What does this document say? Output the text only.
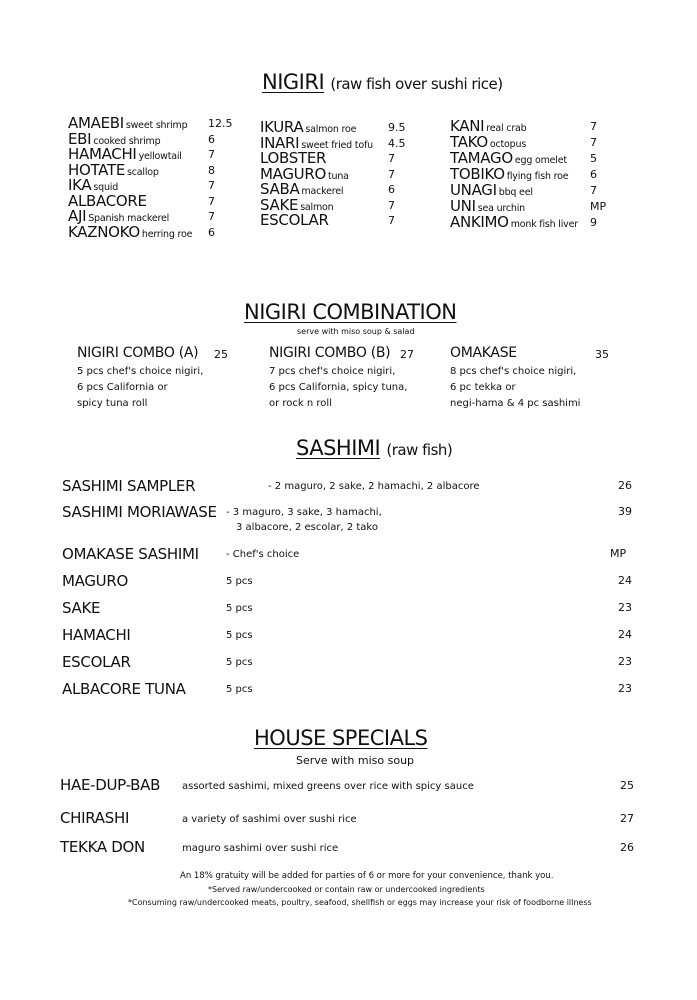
NIGIRI (raw fish over sushi rice)
AMAEBI sweet shrimp 12.5
EBI cooked shrimp	6
HAMACHI yellowtail 7
HOTATE scallop	8
IKA squid	7
ALBACORE	7
AJI Spanish mackerel	7
KAZNOKO herring roe 6
IKURA salmon roe	9.5
INARI sweet fried tofu 4.5
LOBSTER	7
MAGURO tuna	7
SABA mackerel	6
SAKE salmon	7
ESCOLAR	7
KANI real crab	7
TAKO octopus	7
TAMAGO egg omelet 5
TOBIKO flying fish roe 6
UNAGI bbq eel	7
UNI sea urchin	MP
ANKIMO monk fish liver 9
NIGIRI COMBINATION
serve with miso soup & salad
NIGIRI COMBO (A) 25
5 pcs chef's choice nigiri,
6 pcs California or
spicy tuna roll
NIGIRI COMBO (B) 27
7 pcs chef's choice nigiri,
6 pcs California, spicy tuna,
or rock n roll
OMAKASE	35
8 pcs chef's choice nigiri,
6 pc tekka or
negi-hama & 4 pc sashimi
SASHIMI (raw fish)
SASHIMI SAMPLER	- 2 maguro, 2 sake, 2 hamachi, 2 albacore	26
SASHIMI MORIAWASE - 3 maguro, 3 sake, 3 hamachi,
3 albacore, 2 escolar, 2 tako
39
OMAKASE SASHIMI	- Chef's choice	MP
MAGURO	5 pcs	24
SAKE	5 pcs	23
HAMACHI	5 pcs	24
ESCOLAR	5 pcs	23
ALBACORE TUNA	5 pcs	23
HOUSE SPECIALS
Serve with miso soup
HAE-DUP-BAB assorted sashimi, mixed greens over rice with spicy sauce	25
CHIRASHI	a variety of sashimi over sushi rice	27
TEKKA DON	maguro sashimi over sushi rice	26
An 18% gratuity will be added for parties of 6 or more for your convenience, thank you.
*Served raw/undercooked or contain raw or undercooked ingredients
*Consuming raw/undercooked meats, poultry, seafood, shellfish or eggs may increase your risk of foodborne illness
